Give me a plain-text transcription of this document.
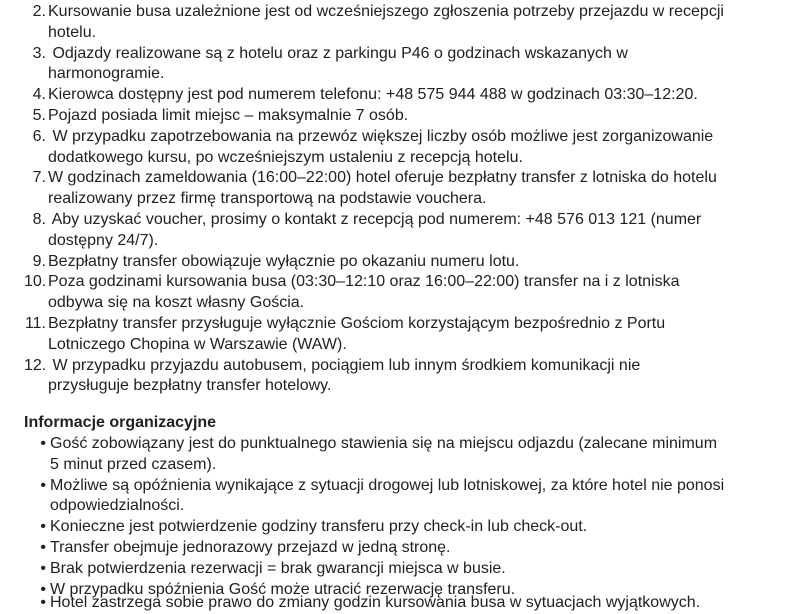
2. Kursowanie busa uzależnione jest od wcześniejszego zgłoszenia potrzeby przejazdu w recepcji
hotelu.
3. Odjazdy realizowane są z hotelu oraz z parkingu P46 o godzinach wskazanych w
harmonogramie.
4. Kierowca dostępny jest pod numerem telefonu: +48 575 944 488 w godzinach 03:30–12:20.
5. Pojazd posiada limit miejsc – maksymalnie 7 osób.
6. W przypadku zapotrzebowania na przewóz większej liczby osób możliwe jest zorganizowanie
dodatkowego kursu, po wcześniejszym ustaleniu z recepcją hotelu.
7. W godzinach zameldowania (16:00–22:00) hotel oferuje bezpłatny transfer z lotniska do hotelu
realizowany przez firmę transportową na podstawie vouchera.
8. Aby uzyskać voucher, prosimy o kontakt z recepcją pod numerem: +48 576 013 121 (numer
dostępny 24/7).
9. Bezpłatny transfer obowiązuje wyłącznie po okazaniu numeru lotu.
10. Poza godzinami kursowania busa (03:30–12:10 oraz 16:00–22:00) transfer na i z lotniska
odbywa się na koszt własny Gościa.
11. Bezpłatny transfer przysługuje wyłącznie Gościom korzystającym bezpośrednio z Portu
Lotniczego Chopina w Warszawie (WAW).
12. W przypadku przyjazdu autobusem, pociągiem lub innym środkiem komunikacji nie
przysługuje bezpłatny transfer hotelowy.
Informacje organizacyjne
• Gość zobowiązany jest do punktualnego stawienia się na miejscu odjazdu (zalecane minimum
5 minut przed czasem).
• Możliwe są opóźnienia wynikające z sytuacji drogowej lub lotniskowej, za które hotel nie ponosi
odpowiedzialności.
• Konieczne jest potwierdzenie godziny transferu przy check-in lub check-out.
• Transfer obejmuje jednorazowy przejazd w jedną stronę.
• Brak potwierdzenia rezerwacji = brak gwarancji miejsca w busie.
• W przypadku spóźnienia Gość może utracić rezerwację transferu.
• Hotel zastrzega sobie prawo do zmiany godzin kursowania busa w sytuacjach wyjątkowych.
